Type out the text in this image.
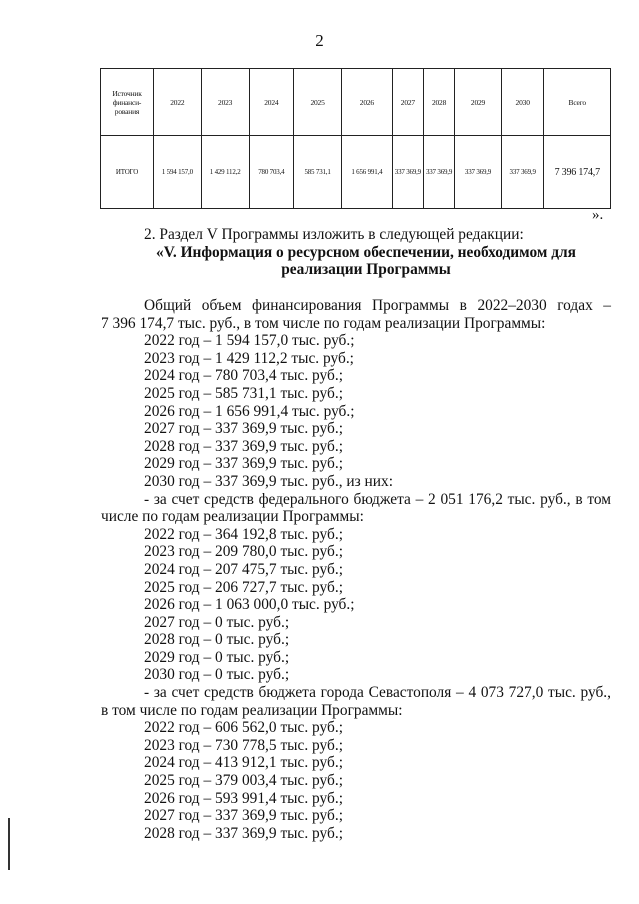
2
Источник финанси-рования	2022	2023	2024	2025	2026	2027	2028	2029	2030	Всего
ИТОГО	1 594 157,0	1 429 112,2	780 703,4	585 731,1	1 656 991,4	337 369,9	337 369,9	337 369,9	337 369,9	7 396 174,7
».
2. Раздел V Программы изложить в следующей редакции:
«V. Информация о ресурсном обеспечении, необходимом для реализации Программы
Общий объем финансирования Программы в 2022–2030 годах –
7 396 174,7 тыс. руб., в том числе по годам реализации Программы:
2022 год – 1 594 157,0 тыс. руб.;
2023 год – 1 429 112,2 тыс. руб.;
2024 год – 780 703,4 тыс. руб.;
2025 год – 585 731,1 тыс. руб.;
2026 год – 1 656 991,4 тыс. руб.;
2027 год – 337 369,9 тыс. руб.;
2028 год – 337 369,9 тыс. руб.;
2029 год – 337 369,9 тыс. руб.;
2030 год – 337 369,9 тыс. руб., из них:
- за счет средств федерального бюджета – 2 051 176,2 тыс. руб., в том
числе по годам реализации Программы:
2022 год – 364 192,8 тыс. руб.;
2023 год – 209 780,0 тыс. руб.;
2024 год – 207 475,7 тыс. руб.;
2025 год – 206 727,7 тыс. руб.;
2026 год – 1 063 000,0 тыс. руб.;
2027 год – 0 тыс. руб.;
2028 год – 0 тыс. руб.;
2029 год – 0 тыс. руб.;
2030 год – 0 тыс. руб.;
- за счет средств бюджета города Севастополя – 4 073 727,0 тыс. руб.,
в том числе по годам реализации Программы:
2022 год – 606 562,0 тыс. руб.;
2023 год – 730 778,5 тыс. руб.;
2024 год – 413 912,1 тыс. руб.;
2025 год – 379 003,4 тыс. руб.;
2026 год – 593 991,4 тыс. руб.;
2027 год – 337 369,9 тыс. руб.;
2028 год – 337 369,9 тыс. руб.;
